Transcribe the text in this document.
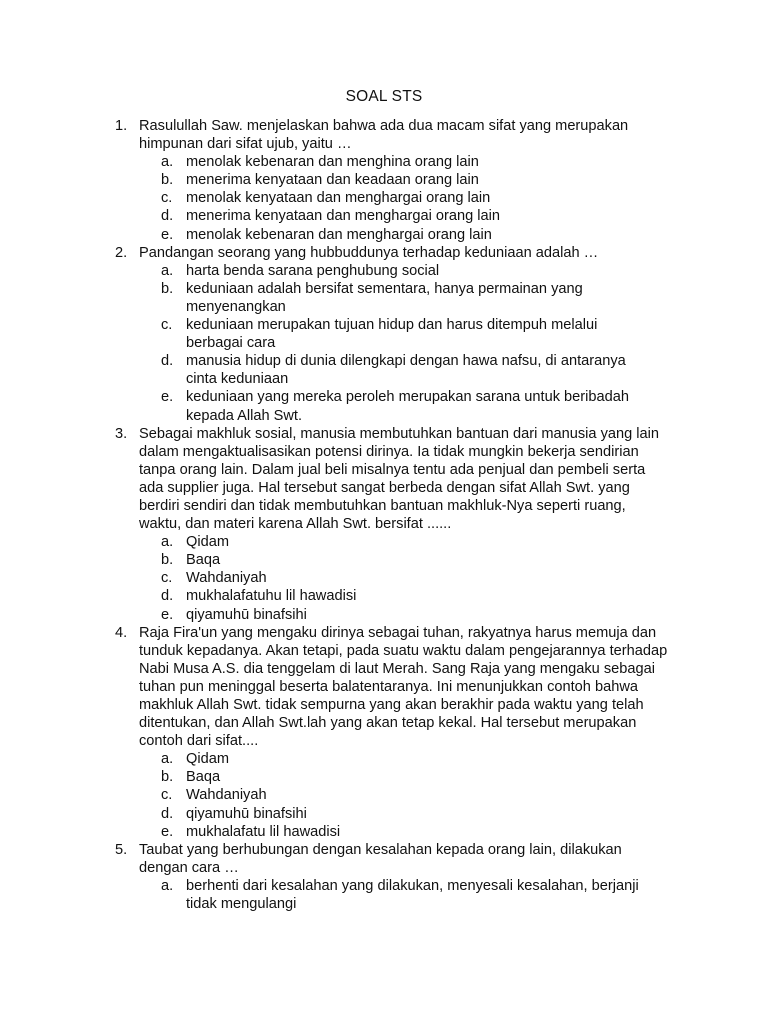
SOAL STS
1. Rasulullah Saw. menjelaskan bahwa ada dua macam sifat yang merupakan himpunan dari sifat ujub, yaitu …
a. menolak kebenaran dan menghina orang lain
b. menerima kenyataan dan keadaan orang lain
c. menolak kenyataan dan menghargai orang lain
d. menerima kenyataan dan menghargai orang lain
e. menolak kebenaran dan menghargai orang lain
2. Pandangan seorang yang hubbuddunya terhadap keduniaan adalah …
a. harta benda sarana penghubung social
b. keduniaan adalah bersifat sementara, hanya permainan yang menyenangkan
c. keduniaan merupakan tujuan hidup dan harus ditempuh melalui berbagai cara
d. manusia hidup di dunia dilengkapi dengan hawa nafsu, di antaranya cinta keduniaan
e. keduniaan yang mereka peroleh merupakan sarana untuk beribadah kepada Allah Swt.
3. Sebagai makhluk sosial, manusia membutuhkan bantuan dari manusia yang lain dalam mengaktualisasikan potensi dirinya. Ia tidak mungkin bekerja sendirian tanpa orang lain. Dalam jual beli misalnya tentu ada penjual dan pembeli serta ada supplier juga. Hal tersebut sangat berbeda dengan sifat Allah Swt. yang berdiri sendiri dan tidak membutuhkan bantuan makhluk-Nya seperti ruang, waktu, dan materi karena Allah Swt. bersifat ......
a. Qidam
b. Baqa
c. Wahdaniyah
d. mukhalafatuhu lil hawadisi
e. qiyamuhū binafsihi
4. Raja Fira'un yang mengaku dirinya sebagai tuhan, rakyatnya harus memuja dan tunduk kepadanya. Akan tetapi, pada suatu waktu dalam pengejarannya terhadap Nabi Musa A.S. dia tenggelam di laut Merah. Sang Raja yang mengaku sebagai tuhan pun meninggal beserta balatentaranya. Ini menunjukkan contoh bahwa makhluk Allah Swt. tidak sempurna yang akan berakhir pada waktu yang telah ditentukan, dan Allah Swt.lah yang akan tetap kekal. Hal tersebut merupakan contoh dari sifat....
a. Qidam
b. Baqa
c. Wahdaniyah
d. qiyamuhū binafsihi
e. mukhalafatu lil hawadisi
5. Taubat yang berhubungan dengan kesalahan kepada orang lain, dilakukan dengan cara …
a. berhenti dari kesalahan yang dilakukan, menyesali kesalahan, berjanji tidak mengulangi
